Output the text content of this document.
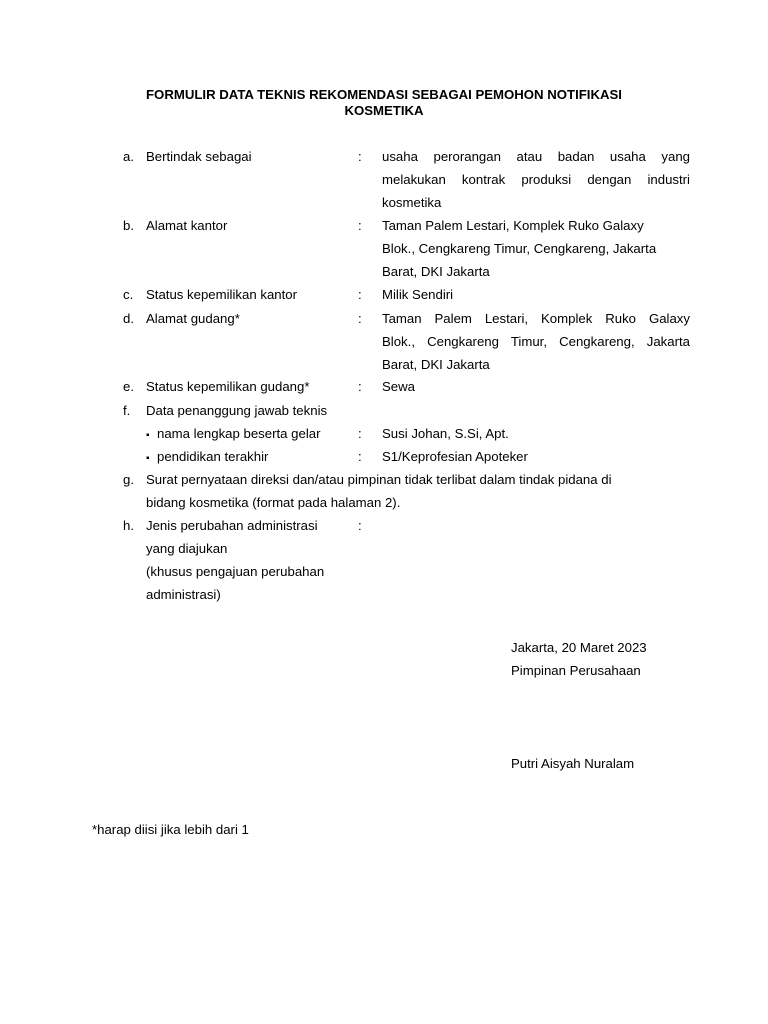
FORMULIR DATA TEKNIS REKOMENDASI SEBAGAI PEMOHON NOTIFIKASI
KOSMETIKA
a. Bertindak sebagai	: usaha perorangan atau badan usaha yang
melakukan kontrak produksi dengan industri
kosmetika
b. Alamat kantor	: Taman Palem Lestari, Komplek Ruko Galaxy
Blok., Cengkareng Timur, Cengkareng, Jakarta
Barat, DKI Jakarta
c. Status kepemilikan kantor	: Milik Sendiri
d. Alamat gudang*	: Taman Palem Lestari, Komplek Ruko Galaxy
Blok., Cengkareng Timur, Cengkareng, Jakarta
Barat, DKI Jakarta
e. Status kepemilikan gudang*	: Sewa
f. Data penanggung jawab teknis
▪ nama lengkap beserta gelar	: Susi Johan, S.Si, Apt.
▪ pendidikan terakhir	: S1/Keprofesian Apoteker
g. Surat pernyataan direksi dan/atau pimpinan tidak terlibat dalam tindak pidana di
bidang kosmetika (format pada halaman 2).
h. Jenis perubahan administrasi
yang diajukan
(khusus pengajuan perubahan
administrasi)
:
Jakarta, 20 Maret 2023
Pimpinan Perusahaan
Putri Aisyah Nuralam
*harap diisi jika lebih dari 1
